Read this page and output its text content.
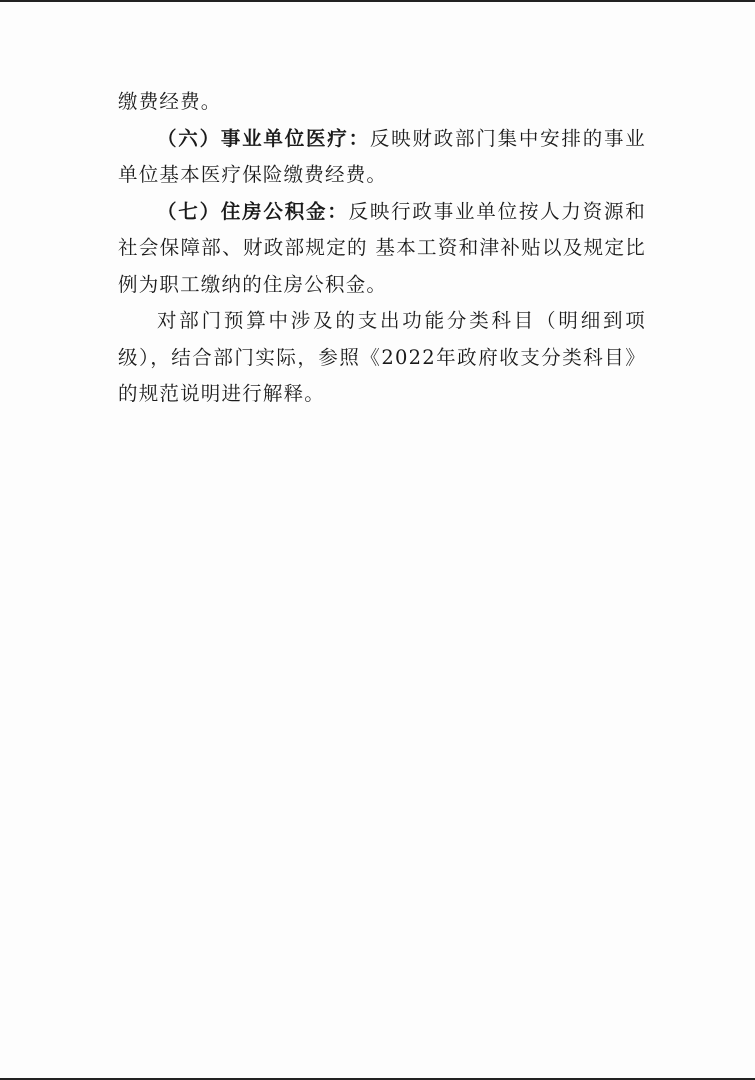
缴费经费。

（六）事业单位医疗：反映财政部门集中安排的事业单位基本医疗保险缴费经费。

（七）住房公积金：反映行政事业单位按人力资源和社会保障部、财政部规定的 基本工资和津补贴以及规定比例为职工缴纳的住房公积金。

对部门预算中涉及的支出功能分类科目（明细到项级），结合部门实际，参照《2022年政府收支分类科目》的规范说明进行解释。
